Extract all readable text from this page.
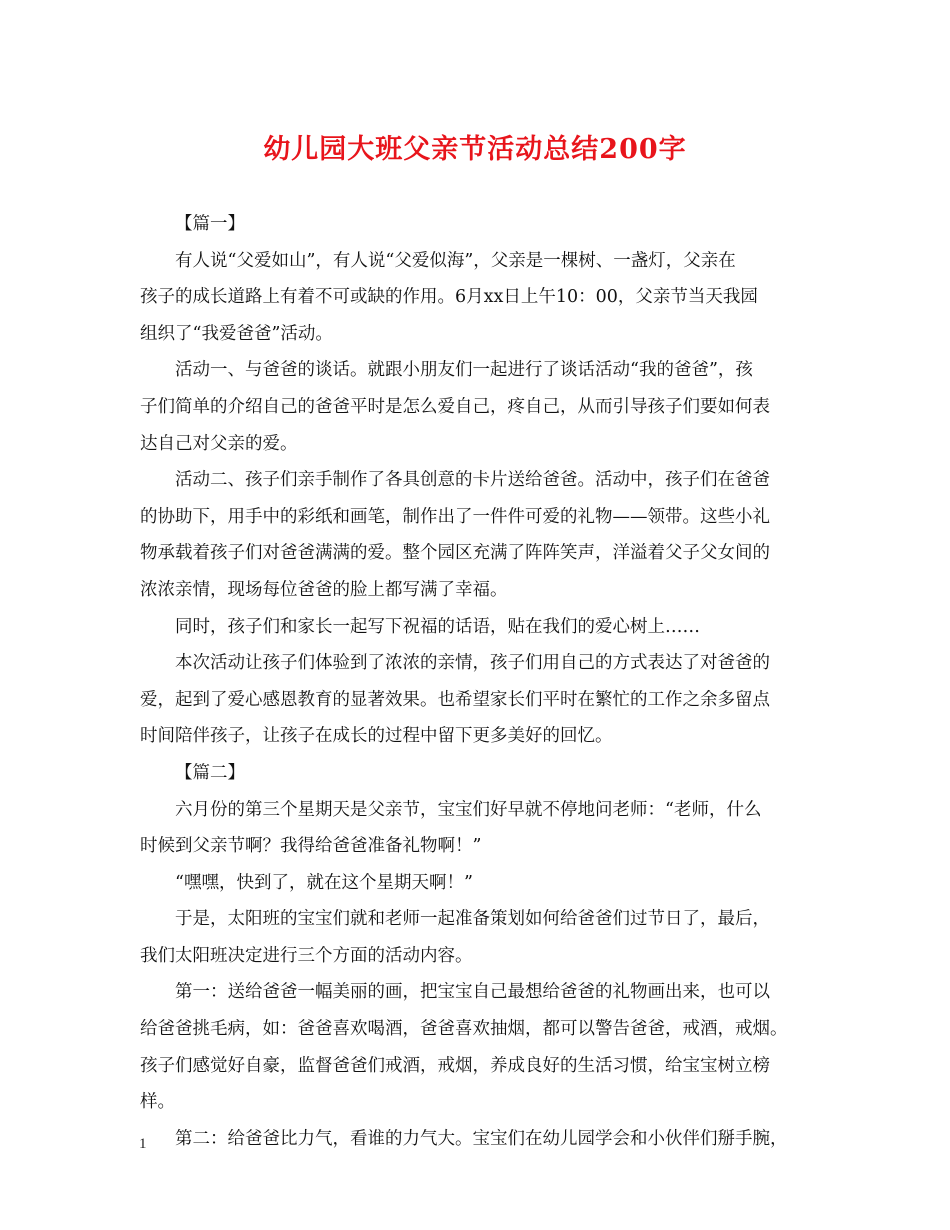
幼儿园大班父亲节活动总结200字
【篇一】
有人说“父爱如山”，有人说“父爱似海”，父亲是一棵树、一盏灯，父亲在
孩子的成长道路上有着不可或缺的作用。6月xx日上午10：00，父亲节当天我园
组织了“我爱爸爸”活动。
活动一、与爸爸的谈话。就跟小朋友们一起进行了谈话活动“我的爸爸”，孩
子们简单的介绍自己的爸爸平时是怎么爱自己，疼自己，从而引导孩子们要如何表
达自己对父亲的爱。
活动二、孩子们亲手制作了各具创意的卡片送给爸爸。活动中，孩子们在爸爸
的协助下，用手中的彩纸和画笔，制作出了一件件可爱的礼物——领带。这些小礼
物承载着孩子们对爸爸满满的爱。整个园区充满了阵阵笑声，洋溢着父子父女间的
浓浓亲情，现场每位爸爸的脸上都写满了幸福。
同时，孩子们和家长一起写下祝福的话语，贴在我们的爱心树上……
本次活动让孩子们体验到了浓浓的亲情，孩子们用自己的方式表达了对爸爸的
爱，起到了爱心感恩教育的显著效果。也希望家长们平时在繁忙的工作之余多留点
时间陪伴孩子，让孩子在成长的过程中留下更多美好的回忆。
【篇二】
六月份的第三个星期天是父亲节，宝宝们好早就不停地问老师：“老师，什么
时候到父亲节啊？我得给爸爸准备礼物啊！”
“嘿嘿，快到了，就在这个星期天啊！”
于是，太阳班的宝宝们就和老师一起准备策划如何给爸爸们过节日了，最后，
我们太阳班决定进行三个方面的活动内容。
第一：送给爸爸一幅美丽的画，把宝宝自己最想给爸爸的礼物画出来，也可以
给爸爸挑毛病，如：爸爸喜欢喝酒，爸爸喜欢抽烟，都可以警告爸爸，戒酒，戒烟。
孩子们感觉好自豪，监督爸爸们戒酒，戒烟，养成良好的生活习惯，给宝宝树立榜
样。
第二：给爸爸比力气，看谁的力气大。宝宝们在幼儿园学会和小伙伴们掰手腕，
1
